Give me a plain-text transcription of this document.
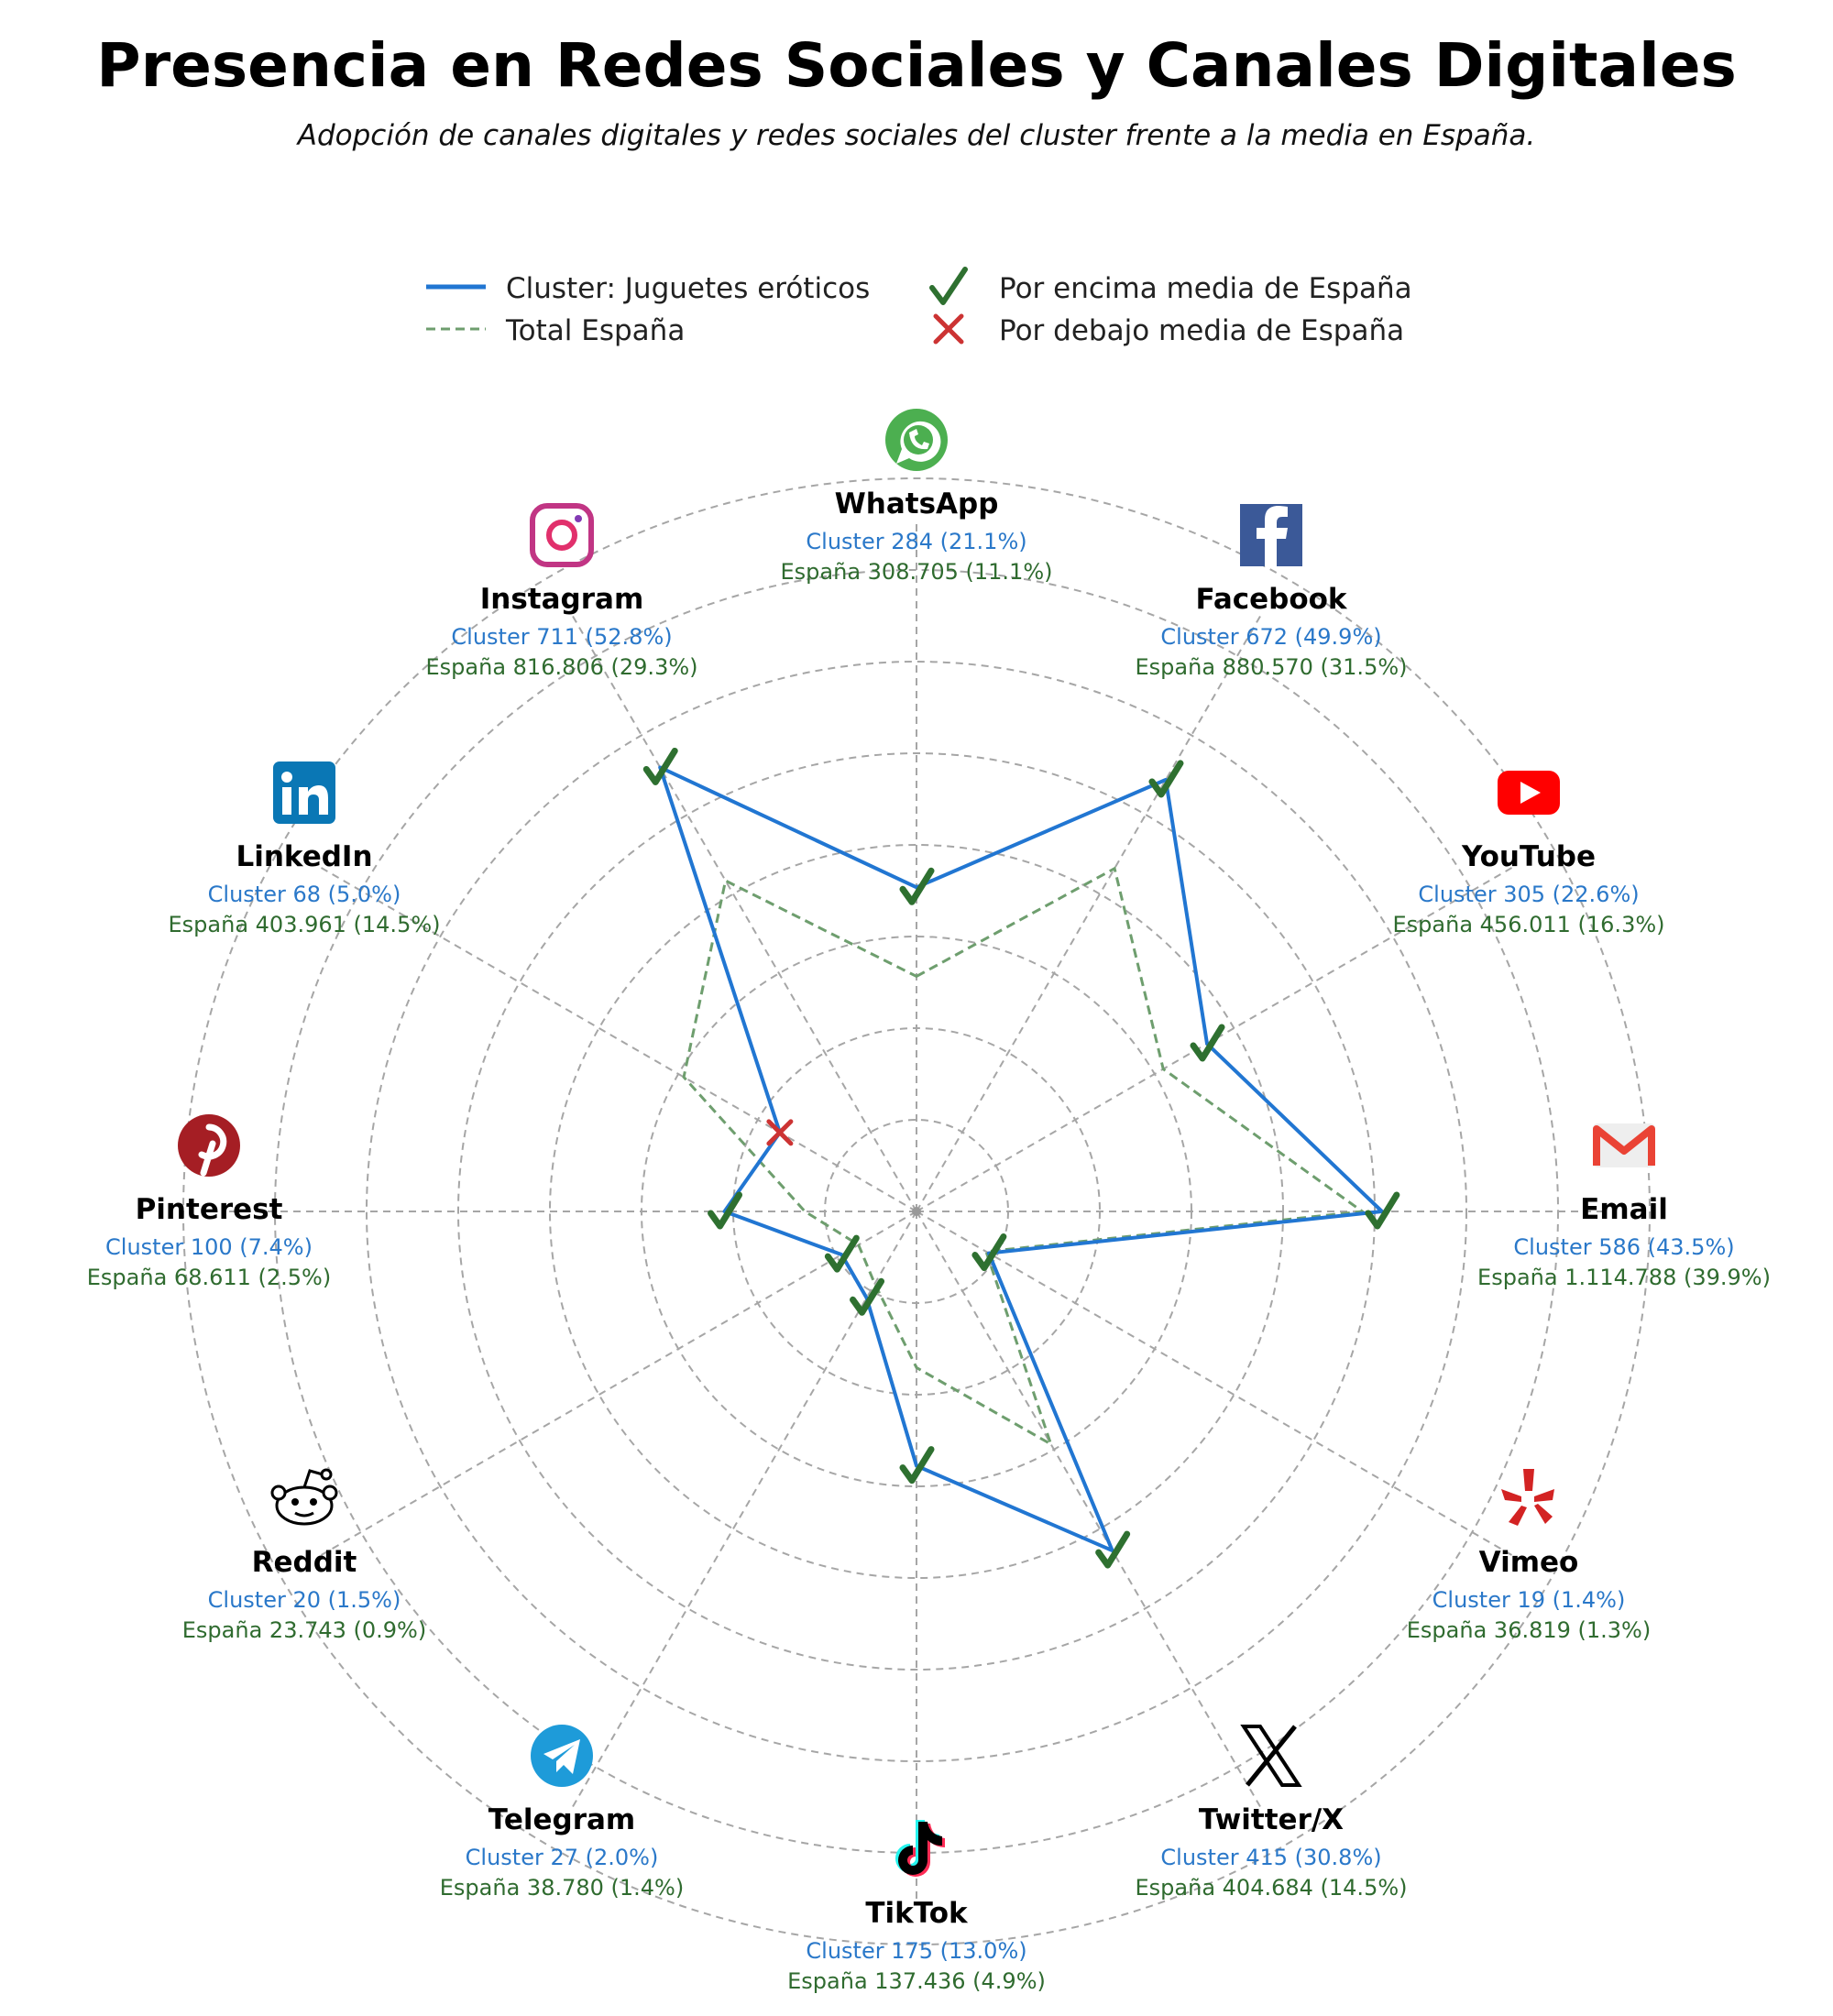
Presencia en Redes Sociales y Canales Digitales
Adopción de canales digitales y redes sociales del cluster frente a la media en España.
Cluster: Juguetes eróticos
Total España
Por encima media de España
Por debajo media de España
WhatsApp
Cluster 284 (21.1%)
España 308.705 (11.1%)
Facebook
Cluster 672 (49.9%)
España 880.570 (31.5%)
YouTube
Cluster 305 (22.6%)
España 456.011 (16.3%)
Email
Cluster 586 (43.5%)
España 1.114.788 (39.9%)
Vimeo
Cluster 19 (1.4%)
España 36.819 (1.3%)
Twitter/X
Cluster 415 (30.8%)
España 404.684 (14.5%)
TikTok
Cluster 175 (13.0%)
España 137.436 (4.9%)
Telegram
Cluster 27 (2.0%)
España 38.780 (1.4%)
Reddit
Cluster 20 (1.5%)
España 23.743 (0.9%)
Pinterest
Cluster 100 (7.4%)
España 68.611 (2.5%)
LinkedIn
Cluster 68 (5.0%)
España 403.961 (14.5%)
Instagram
Cluster 711 (52.8%)
España 816.806 (29.3%)
